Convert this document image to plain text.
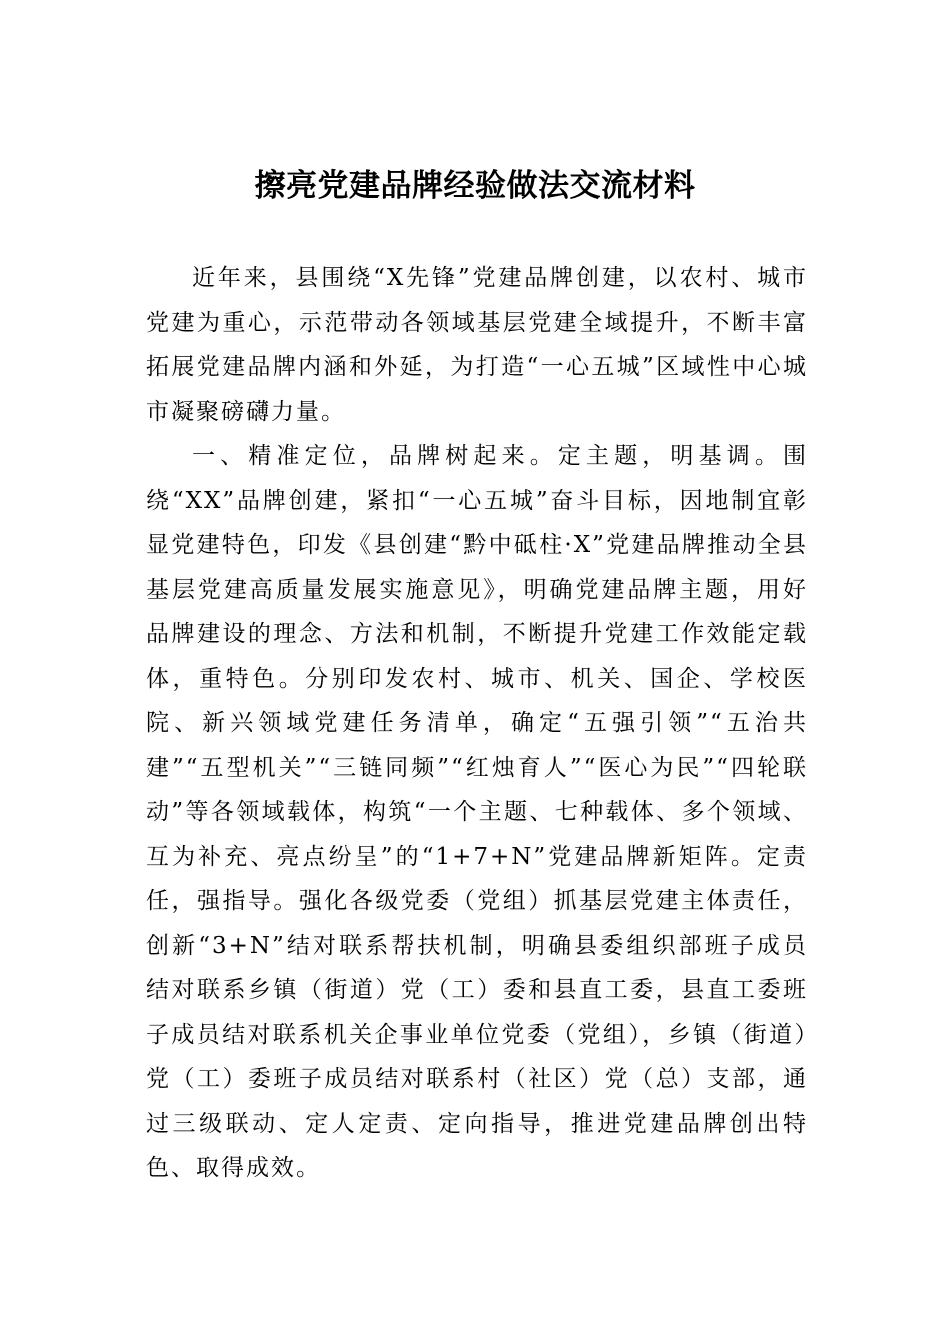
擦亮党建品牌经验做法交流材料

近年来，县围绕“X先锋”党建品牌创建，以农村、城市党建为重心，示范带动各领域基层党建全域提升，不断丰富拓展党建品牌内涵和外延，为打造“一心五城”区域性中心城市凝聚磅礴力量。

一、精准定位，品牌树起来。定主题，明基调。围绕“XX”品牌创建，紧扣“一心五城”奋斗目标，因地制宜彰显党建特色，印发《县创建“黔中砥柱·X”党建品牌推动全县基层党建高质量发展实施意见》，明确党建品牌主题，用好品牌建设的理念、方法和机制，不断提升党建工作效能定载体，重特色。分别印发农村、城市、机关、国企、学校医院、新兴领域党建任务清单，确定“五强引领”“五治共建”“五型机关”“三链同频”“红烛育人”“医心为民”“四轮联动”等各领域载体，构筑“一个主题、七种载体、多个领域、互为补充、亮点纷呈”的“1+7+N”党建品牌新矩阵。定责任，强指导。强化各级党委（党组）抓基层党建主体责任，创新“3+N”结对联系帮扶机制，明确县委组织部班子成员结对联系乡镇（街道）党（工）委和县直工委，县直工委班子成员结对联系机关企事业单位党委（党组），乡镇（街道）党（工）委班子成员结对联系村（社区）党（总）支部，通过三级联动、定人定责、定向指导，推进党建品牌创出特色、取得成效。
